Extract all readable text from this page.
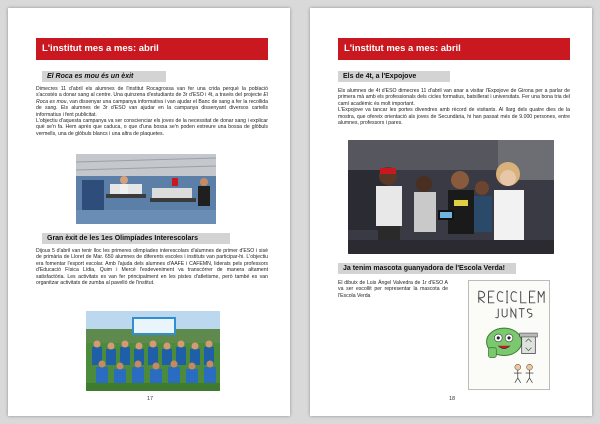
L'institut mes a mes: abril
El Roca es mou és un èxit

Dimecres 11 d'abril els alumnes de l'institut Rocagrossa van fer una crida perquè la població s'acostés a donar sang al centre. Una quinzena d'estudiants de 3r d'ESO i 4t, a través del projecte El Roca es mou, van dissenyar una campanya informativa i van ajudar el Banc de sang a fer la recollida de sang. Els alumnes de 3r d'ESO van ajudar en la campanya dissenyant diversos cartells informatius i fent publicitat.

L'objectiu d'aquesta campanya va ser conscienciar els joves de la necessitat de donar sang i explicar què se'n fa. Hem après que caduca, o que d'una bossa se'n poden extreure una bossa de glòbuls vermells, una de glòbuls blancs i una altra de plaquetes.

Gran èxit de les 1es Olimpíades Interescolars

Dijous 5 d'abril van tenir lloc les primeres olimpíades interescolars d'alumnes de primer d'ESO i sisè de primària de Lloret de Mar. 650 alumnes de diferents escoles i instituts van participar-hi. L'objectiu era fomentar l'esport escolar. Amb l'ajuda dels alumnes d'AAFE i CAFEMN, liderats pels professors d'Educació Física Lídia, Quim i Mercè l'esdeveniment va transcórrer de manera altament satisfactòria. Les activitats es van fer principalment en les pistes d'atletisme, però també es van organitzar activitats de zumba al pavelló de l'institut.

17
L'institut mes a mes: abril
Els de 4t, a l'Expojove

Els alumnes de 4t d'ESO dimecres 11 d'abril van anar a visitar l'Expojove de Girona per a parlar de primera mà amb els professionals dels cicles formatius, batxillerat i universitats. Fer una bona tria del camí acadèmic és molt important.

L'Expojove va tancar les portes divendres amb rècord de visitants. Al llarg dels quatre dies de la mostra, que ofereix orientació als joves de Secundària, hi han passat més de 9.000 persones, entre alumnes, professors i pares.

Ja tenim mascota guanyadora de l'Escola Verda!

El dibuix de Luis Ángel Valvedra de 1r d'ESO A va ser escollit per representar la mascota de l'Escola Verda

18
